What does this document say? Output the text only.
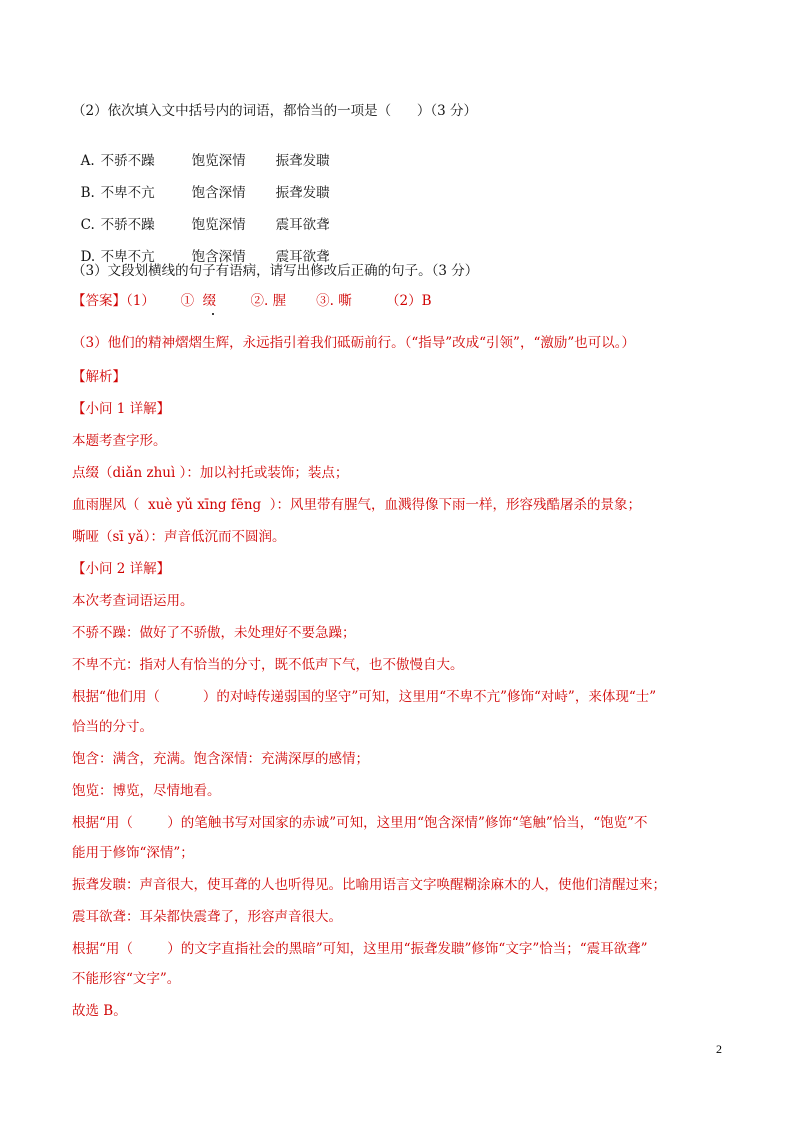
（2）依次填入文中括号内的词语，都恰当的一项是（      ）（3 分）

A. 不骄不躁	饱览深情 振聋发聩

B. 不卑不亢	饱含深情 振聋发聩

C. 不骄不躁	饱览深情 震耳欲聋

D. 不卑不亢	饱含深情 震耳欲聋

（3）文段划横线的句子有语病，请写出修改后正确的句子。（3 分）
【答案】（1）      ①  缀        ②. 腥       ③. 嘶        （2）B
（3）他们的精神熠熠生辉，永远指引着我们砥砺前行。（“指导”改成“引领”，“激励”也可以。）
【解析】
【小问 1 详解】
本题考查字形。
点缀（diǎn zhuì ）：加以衬托或装饰；装点；
血雨腥风（  xuè yǔ xīng fēng  ）：风里带有腥气，血溅得像下雨一样，形容残酷屠杀的景象；
嘶哑（sī yǎ）：声音低沉而不圆润。
【小问 2 详解】
本次考查词语运用。
不骄不躁：做好了不骄傲，未处理好不要急躁；
不卑不亢：指对人有恰当的分寸，既不低声下气，也不傲慢自大。
根据“他们用（          ）的对峙传递弱国的坚守”可知，这里用“不卑不亢”修饰“对峙”，来体现“士”
恰当的分寸。
饱含：满含，充满。饱含深情：充满深厚的感情；
饱览：博览，尽情地看。
根据“用（        ）的笔触书写对国家的赤诚”可知，这里用“饱含深情”修饰“笔触”恰当，“饱览”不
能用于修饰“深情”；
振聋发聩：声音很大，使耳聋的人也听得见。比喻用语言文字唤醒糊涂麻木的人，使他们清醒过来；
震耳欲聋：耳朵都快震聋了，形容声音很大。
根据“用（        ）的文字直指社会的黑暗”可知，这里用“振聋发聩”修饰“文字”恰当；“震耳欲聋”
不能形容“文字”。
故选 B。
2
